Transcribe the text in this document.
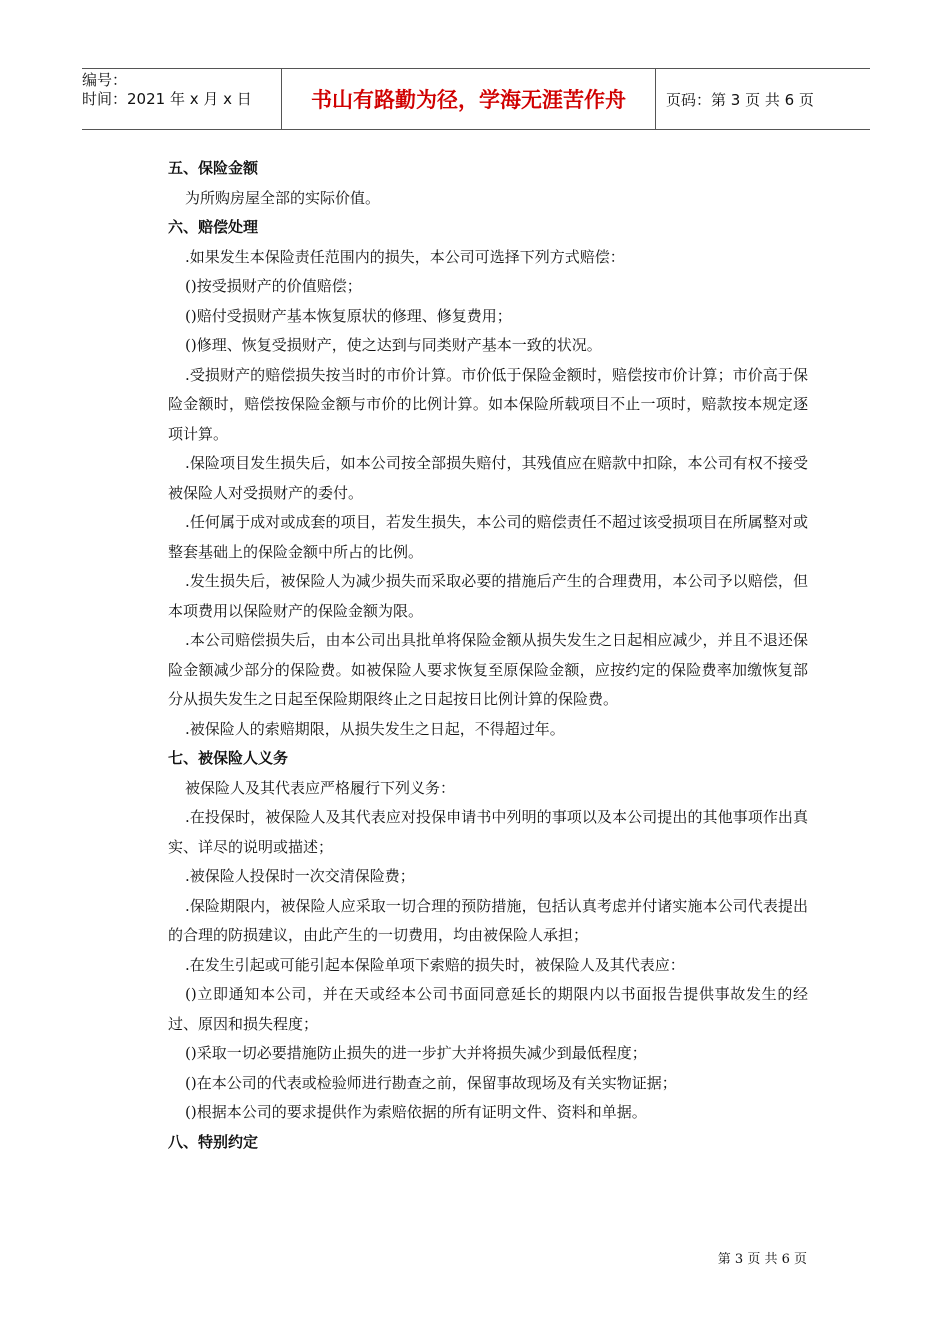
编号：
时间：2021 年 x 月 x 日	书山有路勤为径，学海无涯苦作舟	页码：第 3 页 共 6 页
五、保险金额

为所购房屋全部的实际价值。

六、赔偿处理

.如果发生本保险责任范围内的损失，本公司可选择下列方式赔偿：

()按受损财产的价值赔偿；

()赔付受损财产基本恢复原状的修理、修复费用；

()修理、恢复受损财产，使之达到与同类财产基本一致的状况。

.受损财产的赔偿损失按当时的市价计算。市价低于保险金额时，赔偿按市价计算；市价高于保险金额时，赔偿按保险金额与市价的比例计算。如本保险所载项目不止一项时，赔款按本规定逐项计算。

.保险项目发生损失后，如本公司按全部损失赔付，其残值应在赔款中扣除，本公司有权不接受被保险人对受损财产的委付。

.任何属于成对或成套的项目，若发生损失，本公司的赔偿责任不超过该受损项目在所属整对或整套基础上的保险金额中所占的比例。

.发生损失后，被保险人为减少损失而采取必要的措施后产生的合理费用，本公司予以赔偿，但本项费用以保险财产的保险金额为限。

.本公司赔偿损失后，由本公司出具批单将保险金额从损失发生之日起相应减少，并且不退还保险金额减少部分的保险费。如被保险人要求恢复至原保险金额，应按约定的保险费率加缴恢复部分从损失发生之日起至保险期限终止之日起按日比例计算的保险费。

.被保险人的索赔期限，从损失发生之日起，不得超过年。

七、被保险人义务

被保险人及其代表应严格履行下列义务：

.在投保时，被保险人及其代表应对投保申请书中列明的事项以及本公司提出的其他事项作出真实、详尽的说明或描述；

.被保险人投保时一次交清保险费；

.保险期限内，被保险人应采取一切合理的预防措施，包括认真考虑并付诸实施本公司代表提出的合理的防损建议，由此产生的一切费用，均由被保险人承担；

.在发生引起或可能引起本保险单项下索赔的损失时，被保险人及其代表应：

()立即通知本公司，并在天或经本公司书面同意延长的期限内以书面报告提供事故发生的经过、原因和损失程度；

()采取一切必要措施防止损失的进一步扩大并将损失减少到最低程度；

()在本公司的代表或检验师进行勘查之前，保留事故现场及有关实物证据；

()根据本公司的要求提供作为索赔依据的所有证明文件、资料和单据。

八、特别约定
第 3 页 共 6 页
